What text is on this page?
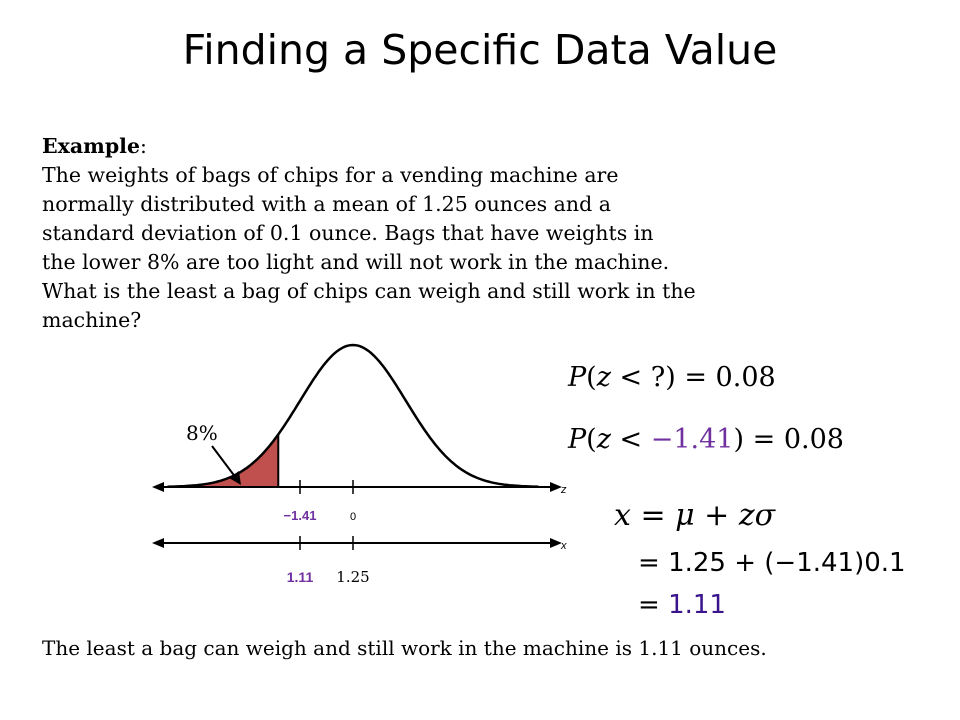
Finding a Specific Data Value
Example:
The weights of bags of chips for a vending machine are
normally distributed with a mean of 1.25 ounces and a
standard deviation of 0.1 ounce. Bags that have weights in
the lower 8% are too light and will not work in the machine.
What is the least a bag of chips can weigh and still work in the
machine?
8%
z
x
−1.41	0
1.11 1.25
P(z < ?) = 0.08
P(z < −1.41) = 0.08
x = μ + zσ
= 1.25 + (−1.41)0.1
= 1.11
The least a bag can weigh and still work in the machine is 1.11 ounces.
